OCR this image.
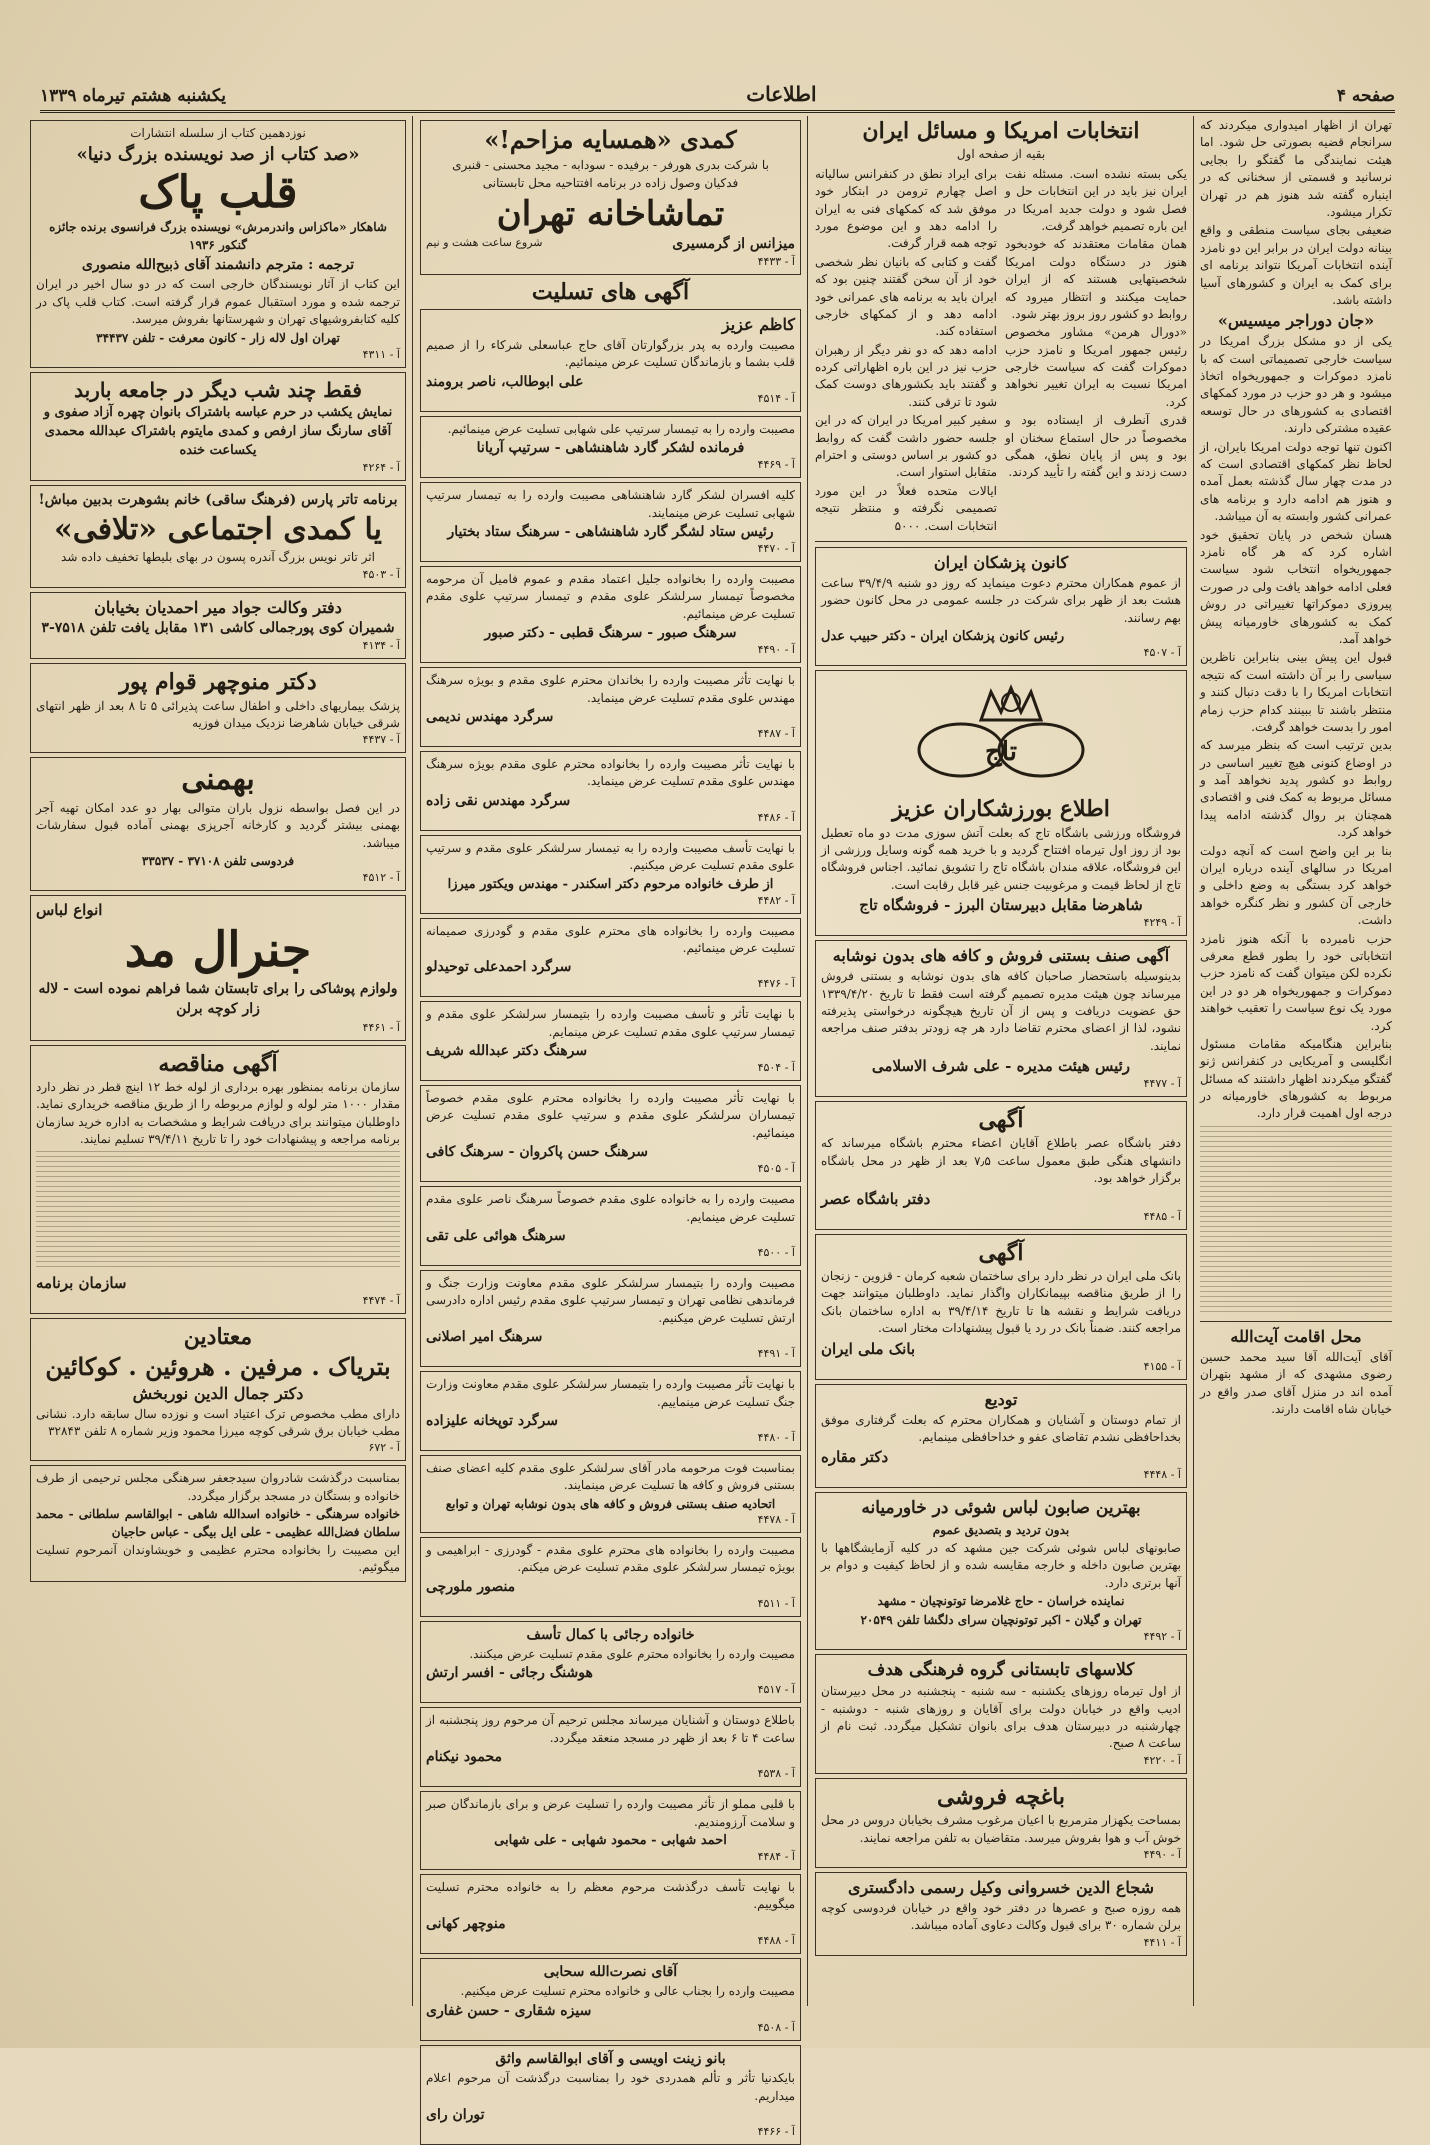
صفحه ۴
اطلاعات
یکشنبه هشتم تیرماه ۱۳۳۹

تهران از اظهار امیدواری میکردند که سرانجام قضیه بصورتی حل شود. اما هیئت نمایندگی ما گفتگو را بجایی نرسانید و قسمتی از سخنانی که در اینباره گفته شد هنوز هم در تهران تکرار میشود.

ضعیفی بجای سیاست منطقی و واقع بینانه دولت ایران در برابر این دو نامزد آینده انتخابات آمریکا نتواند برنامه ای برای کمک به ایران و کشورهای آسیا داشته باشد.

«جان دوراجر میسیس»

یکی از دو مشکل بزرگ امریکا در سیاست خارجی تصمیماتی است که با نامزد دموکرات و جمهوریخواه اتخاذ میشود و هر دو حزب در مورد کمکهای اقتصادی به کشورهای در حال توسعه عقیده مشترکی دارند.

اکنون تنها توجه دولت امریکا بایران، از لحاظ نظر کمکهای اقتصادی است که در مدت چهار سال گذشته بعمل آمده و هنوز هم ادامه دارد و برنامه های عمرانی کشور وابسته به آن میباشد.

هسان شخص در پایان تحقیق خود اشاره کرد که هر گاه نامزد جمهوریخواه انتخاب شود سیاست فعلی ادامه خواهد یافت ولی در صورت پیروزی دموکراتها تغییراتی در روش کمک به کشورهای خاورمیانه پیش خواهد آمد.

قبول این پیش بینی بنابراین ناظرین سیاسی را بر آن داشته است که نتیجه انتخابات امریکا را با دقت دنبال کنند و منتظر باشند تا ببینند کدام حزب زمام امور را بدست خواهد گرفت.

بدین ترتیب است که بنظر میرسد که در اوضاع کنونی هیچ تغییر اساسی در روابط دو کشور پدید نخواهد آمد و مسائل مربوط به کمک فنی و اقتصادی همچنان بر روال گذشته ادامه پیدا خواهد کرد.

بنا بر این واضح است که آنچه دولت امریکا در سالهای آینده درباره ایران خواهد کرد بستگی به وضع داخلی و خارجی آن کشور و نظر کنگره خواهد داشت.

حزب نامبرده با آنکه هنوز نامزد انتخاباتی خود را بطور قطع معرفی نکرده لکن میتوان گفت که نامزد حزب دموکرات و جمهوریخواه هر دو در این مورد یک نوع سیاست را تعقیب خواهند کرد.

بنابراین هنگامیکه مقامات مسئول انگلیسی و آمریکایی در کنفرانس ژنو گفتگو میکردند اظهار داشتند که مسائل مربوط به کشورهای خاورمیانه در درجه اول اهمیت قرار دارد.

محل اقامت آیت‌الله

آقای آیت‌الله آقا سید محمد حسین رضوی مشهدی که از مشهد بتهران آمده اند در منزل آقای صدر واقع در خیابان شاه اقامت دارند.

انتخابات امریکا و مسائل ایران

بقیه از صفحه اول

یکی بسته نشده است. مسئله نفت ایران نیز باید در این انتخابات حل و فصل شود و دولت جدید امریکا در این باره تصمیم خواهد گرفت.

همان مقامات معتقدند که خودبخود هنوز در دستگاه دولت امریکا شخصیتهایی هستند که از ایران حمایت میکنند و انتظار میرود که روابط دو کشور روز بروز بهتر شود.

«دورال هرمن» مشاور مخصوص رئیس جمهور امریکا و نامزد حزب دموکرات گفت که سیاست خارجی امریکا نسبت به ایران تغییر نخواهد کرد.

قدری آنطرف از ایستاده بود و مخصوصاً در حال استماع سخنان او بود و پس از پایان نطق، همگی دست زدند و این گفته را تأیید کردند.

برای ایراد نطق در کنفرانس سالیانه اصل چهارم ترومن در ابتکار خود موفق شد که کمکهای فنی به ایران را ادامه دهد و این موضوع مورد توجه همه قرار گرفت.

گفت و کتابی که بانیان نظر شخصی خود از آن سخن گفتند چنین بود که ایران باید به برنامه های عمرانی خود ادامه دهد و از کمکهای خارجی استفاده کند.

ادامه دهد که دو نفر دیگر از رهبران حزب نیز در این باره اظهاراتی کرده و گفتند باید بکشورهای دوست کمک شود تا ترقی کنند.

سفیر کبیر امریکا در ایران که در این جلسه حضور داشت گفت که روابط دو کشور بر اساس دوستی و احترام متقابل استوار است.

ایالات متحده فعلاً در این مورد تصمیمی نگرفته و منتظر نتیجه انتخابات است. ۵۰۰۰

کانون پزشکان ایران

از عموم همکاران محترم دعوت مینماید که روز دو شنبه ۳۹/۴/۹ ساعت هشت بعد از ظهر برای شرکت در جلسه عمومی در محل کانون حضور بهم رسانند.

رئیس کانون پزشکان ایران - دکتر حبیب عدل

آ - ۴۵۰۷
تاج

اطلاع بورزشکاران عزیز

فروشگاه ورزشی باشگاه تاج که بعلت آتش سوزی مدت دو ماه تعطیل بود از روز اول تیرماه افتتاح گردید و با خرید همه گونه وسایل ورزشی از این فروشگاه، علاقه مندان باشگاه تاج را تشویق نمائید. اجناس فروشگاه تاج از لحاظ قیمت و مرغوبیت جنس غیر قابل رقابت است.

شاهرضا مقابل دبیرستان البرز - فروشگاه تاج

آ - ۴۲۴۹

آگهی صنف بستنی فروش و کافه های بدون نوشابه

بدینوسیله باستحضار صاحبان کافه های بدون نوشابه و بستنی فروش میرساند چون هیئت مدیره تصمیم گرفته است فقط تا تاریخ ۱۳۳۹/۴/۲۰ حق عضویت دریافت و پس از آن تاریخ هیچگونه درخواستی پذیرفته نشود، لذا از اعضای محترم تقاضا دارد هر چه زودتر بدفتر صنف مراجعه نمایند.

رئیس هیئت مدیره - علی شرف الاسلامی

آ - ۴۴۷۷

آگهی

دفتر باشگاه عصر باطلاع آقایان اعضاء محترم باشگاه میرساند که دانشهای هنگی طبق معمول ساعت ۷٫۵ بعد از ظهر در محل باشگاه برگزار خواهد بود.

دفتر باشگاه عصر

آ - ۴۴۸۵

آگهی

بانک ملی ایران در نظر دارد برای ساختمان شعبه کرمان - قزوین - زنجان را از طریق مناقصه بپیمانکاران واگذار نماید. داوطلبان میتوانند جهت دریافت شرایط و نقشه ها تا تاریخ ۳۹/۴/۱۴ به اداره ساختمان بانک مراجعه کنند. ضمناً بانک در رد یا قبول پیشنهادات مختار است.

بانک ملی ایران

آ - ۴۱۵۵

توديع

از تمام دوستان و آشنایان و همکاران محترم که بعلت گرفتاری موفق بخداحافظی نشدم تقاضای عفو و خداحافظی مینمایم.

دکتر مقاره

آ - ۴۴۴۸

بهترین صابون لباس شوئی در خاورمیانه

بدون تردید و بتصدیق عموم

صابونهای لباس شوئی شرکت جین مشهد که در کلیه آزمایشگاهها با بهترین صابون داخله و خارجه مقایسه شده و از لحاظ کیفیت و دوام بر آنها برتری دارد.

نماینده خراسان - حاج غلامرضا توتونچیان - مشهد

تهران و گیلان - اکبر توتونچیان سرای دلگشا تلفن ۲۰۵۴۹

آ - ۴۴۹۲

کلاسهای تابستانی گروه فرهنگی هدف

از اول تیرماه روزهای یکشنبه - سه شنبه - پنجشنبه در محل دبیرستان ادیب واقع در خیابان دولت برای آقایان و روزهای شنبه - دوشنبه - چهارشنبه در دبیرستان هدف برای بانوان تشکیل میگردد. ثبت نام از ساعت ۸ صبح.

آ - ۴۲۲۰

باغچه فروشی

بمساحت یکهزار مترمربع با اعیان مرغوب مشرف بخیابان دروس در محل خوش آب و هوا بفروش میرسد. متقاضیان به تلفن مراجعه نمایند.

آ - ۴۴۹۰

شجاع الدین خسروانی وکیل رسمی دادگستری

همه روزه صبح و عصرها در دفتر خود واقع در خیابان فردوسی کوچه برلن شماره ۳۰ برای قبول وکالت دعاوی آماده میباشد.

آ - ۴۴۱۱

کمدی «همسایه مزاحم!»

با شرکت بدری هورفر - برفیده - سودابه - مجید محسنی - قنبری

فدکیان وصول زاده در برنامه افتتاحیه محل تابستانی

تماشاخانه تهران

میزانس از گرمسیری
شروع ساعت هشت و نیم
آ - ۴۴۳۳

آگهی های تسلیت

کاظم عزیز

مصیبت وارده به پدر بزرگوارتان آقای حاج عباسعلی شرکاء را از صمیم قلب بشما و بازماندگان تسلیت عرض مینمائیم.

علی ابوطالب، ناصر برومند

آ - ۴۵۱۴

مصیبت وارده را به تیمسار سرتیپ علی شهابی تسلیت عرض مینمائیم.

فرمانده لشکر گارد شاهنشاهی - سرتیپ آریانا

آ - ۴۴۶۹

کلیه افسران لشکر گارد شاهنشاهی مصیبت وارده را به تیمسار سرتیپ شهابی تسلیت عرض مینمایند.

رئیس ستاد لشگر گارد شاهنشاهی - سرهنگ ستاد بختیار

آ - ۴۴۷۰

مصیبت وارده را بخانواده جلیل اعتماد مقدم و عموم فامیل آن مرحومه مخصوصاً تیمسار سرلشکر علوی مقدم و تیمسار سرتیپ علوی مقدم تسلیت عرض مینمائیم.

سرهنگ صبور - سرهنگ قطبی - دکتر صبور

آ - ۴۴۹۰

با نهایت تأثر مصیبت وارده را بخاندان محترم علوی مقدم و بویژه سرهنگ مهندس علوی مقدم تسلیت عرض مینماید.

سرگرد مهندس ندیمی

آ - ۴۴۸۷

با نهایت تأثر مصیبت وارده را بخانواده محترم علوی مقدم بویژه سرهنگ مهندس علوی مقدم تسلیت عرض مینماید.

سرگرد مهندس نقی زاده

آ - ۴۴۸۶

با نهایت تأسف مصیبت وارده را به تیمسار سرلشکر علوی مقدم و سرتیپ علوی مقدم تسلیت عرض میکنیم.

از طرف خانواده مرحوم دکتر اسکندر - مهندس ویکتور میرزا

آ - ۴۴۸۲

مصیبت وارده را بخانواده های محترم علوی مقدم و گودرزی صمیمانه تسلیت عرض مینمائیم.

سرگرد احمدعلی توحیدلو

آ - ۴۴۷۶

با نهایت تأثر و تأسف مصیبت وارده را بتیمسار سرلشکر علوی مقدم و تیمسار سرتیپ علوی مقدم تسلیت عرض مینمایم.

سرهنگ دکتر عبدالله شریف

آ - ۴۵۰۴

با نهایت تأثر مصیبت وارده را بخانواده محترم علوی مقدم خصوصاً تیمساران سرلشکر علوی مقدم و سرتیپ علوی مقدم تسلیت عرض مینمائیم.

سرهنگ حسن پاکروان - سرهنگ کافی

آ - ۴۵۰۵

مصیبت وارده را به خانواده علوی مقدم خصوصاً سرهنگ ناصر علوی مقدم تسلیت عرض مینمایم.

سرهنگ هوائی علی تقی

آ - ۴۵۰۰

مصیبت وارده را بتیمسار سرلشکر علوی مقدم معاونت وزارت جنگ و فرماندهی نظامی تهران و تیمسار سرتیپ علوی مقدم رئیس اداره دادرسی ارتش تسلیت عرض میکنیم.

سرهنگ امیر اصلانی

آ - ۴۴۹۱

با نهایت تأثر مصیبت وارده را بتیمسار سرلشکر علوی مقدم معاونت وزارت جنگ تسلیت عرض مینماییم.

سرگرد توپخانه علیزاده

آ - ۴۴۸۰

بمناسبت فوت مرحومه مادر آقای سرلشکر علوی مقدم کلیه اعضای صنف بستنی فروش و کافه ها تسلیت عرض مینمایند.

اتحادیه صنف بستنی فروش و کافه های بدون نوشابه تهران و توابع

آ - ۴۴۷۸

مصیبت وارده را بخانواده های محترم علوی مقدم - گودرزی - ابراهیمی و بویژه تیمسار سرلشکر علوی مقدم تسلیت عرض میکنم.

منصور ملورچی

آ - ۴۵۱۱

خانواده رجائی با کمال تأسف

مصیبت وارده را بخانواده محترم علوی مقدم تسلیت عرض میکنند.

هوشنگ رجائی - افسر ارتش

آ - ۴۵۱۷

باطلاع دوستان و آشنایان میرساند مجلس ترحیم آن مرحوم روز پنجشنبه از ساعت ۴ تا ۶ بعد از ظهر در مسجد منعقد میگردد.

محمود نیکنام

آ - ۴۵۳۸

با قلبی مملو از تأثر مصیبت وارده را تسلیت عرض و برای بازماندگان صبر و سلامت آرزومندیم.

احمد شهابی - محمود شهابی - علی شهابی

آ - ۴۴۸۴

با نهایت تأسف درگذشت مرحوم معظم را به خانواده محترم تسلیت میگوییم.

منوچهر کهانی

آ - ۴۴۸۸

آقای نصرت‌الله سحابی

مصیبت وارده را بجناب عالی و خانواده محترم تسلیت عرض میکنیم.

سیزه شقاری - حسن غفاری

آ - ۴۵۰۸

بانو زینت اویسی و آقای ابوالقاسم واثق

بایکدنیا تأثر و تألم همدردی خود را بمناسبت درگذشت آن مرحوم اعلام میداریم.

توران رای

آ - ۴۴۶۶

نوزدهمین کتاب از سلسله انتشارات

«صد کتاب از صد نویسنده بزرگ دنیا»

قلب پاک

شاهکار «ماکزاس واندرمرش» نویسنده بزرگ فرانسوی برنده جائزه گنکور ۱۹۳۶

ترجمه : مترجم دانشمند آقای ذبیح‌الله منصوری

این کتاب از آثار نویسندگان خارجی است که در دو سال اخیر در ایران ترجمه شده و مورد استقبال عموم قرار گرفته است. کتاب قلب پاک در کلیه کتابفروشیهای تهران و شهرستانها بفروش میرسد.

تهران اول لاله زار - کانون معرفت - تلفن ۳۴۴۳۷

آ - ۴۳۱۱

فقط چند شب دیگر در جامعه باربد

نمایش یکشب در حرم عباسه باشتراک بانوان چهره آزاد صفوی و آقای سارنگ ساز ارفص و کمدی مایتوم باشتراک عبدالله محمدی یکساعت خنده

آ - ۴۲۶۴

برنامه تاتر پارس (فرهنگ ساقی) خانم بشوهرت بدبین مباش!

یا کمدی اجتماعی «تلافی»

اثر تاتر نویس بزرگ آندره پسون در بهای بلیطها تخفیف داده شد

آ - ۴۵۰۳

دفتر وکالت جواد میر احمدیان بخیابان

شمیران کوی پورجمالی کاشی ۱۳۱ مقابل یافت تلفن ۷۵۱۸-۳

آ - ۴۱۳۴

دکتر منوچهر قوام پور

پزشک بیماریهای داخلی و اطفال ساعت پذیرائی ۵ تا ۸ بعد از ظهر انتهای شرقی خیابان شاهرضا نزدیک میدان فوزیه

آ - ۴۴۳۷

بهمنی

در این فصل بواسطه نزول باران متوالی بهار دو عدد امکان تهیه آجر بهمنی بیشتر گردید و کارخانه آجرپزی بهمنی آماده قبول سفارشات میباشد.

فردوسی تلفن ۳۷۱۰۸ - ۳۳۵۳۷

آ - ۴۵۱۲

انواع لباس

جنرال مد

ولوازم پوشاکی را برای تابستان شما فراهم نموده است - لاله زار کوچه برلن

آ - ۴۴۶۱

آگهی مناقصه

سازمان برنامه بمنظور بهره برداری از لوله خط ۱۲ اینچ قطر در نظر دارد مقدار ۱۰۰۰ متر لوله و لوازم مربوطه را از طریق مناقصه خریداری نماید. داوطلبان میتوانند برای دریافت شرایط و مشخصات به اداره خرید سازمان برنامه مراجعه و پیشنهادات خود را تا تاریخ ۳۹/۴/۱۱ تسلیم نمایند.

سازمان برنامه

آ - ۴۴۷۴

معتادین

بتریاک . مرفین . هروئین . کوکائین

دکتر جمال الدین نوربخش

دارای مطب مخصوص ترک اعتیاد است و نوزده سال سابقه دارد. نشانی مطب خیابان برق شرقی کوچه میرزا محمود وزیر شماره ۸ تلفن ۳۲۸۴۳

آ - ۶۷۲

بمناسبت درگذشت شادروان سیدجعفر سرهنگی مجلس ترحیمی از طرف خانواده و بستگان در مسجد برگزار میگردد.

خانواده سرهنگی - خانواده اسدالله شاهی - ابوالقاسم سلطانی - محمد سلطان فضل‌الله عظیمی - علی ایل بیگی - عباس حاجیان

این مصیبت را بخانواده محترم عظیمی و خویشاوندان آنمرحوم تسلیت میگوئیم.
